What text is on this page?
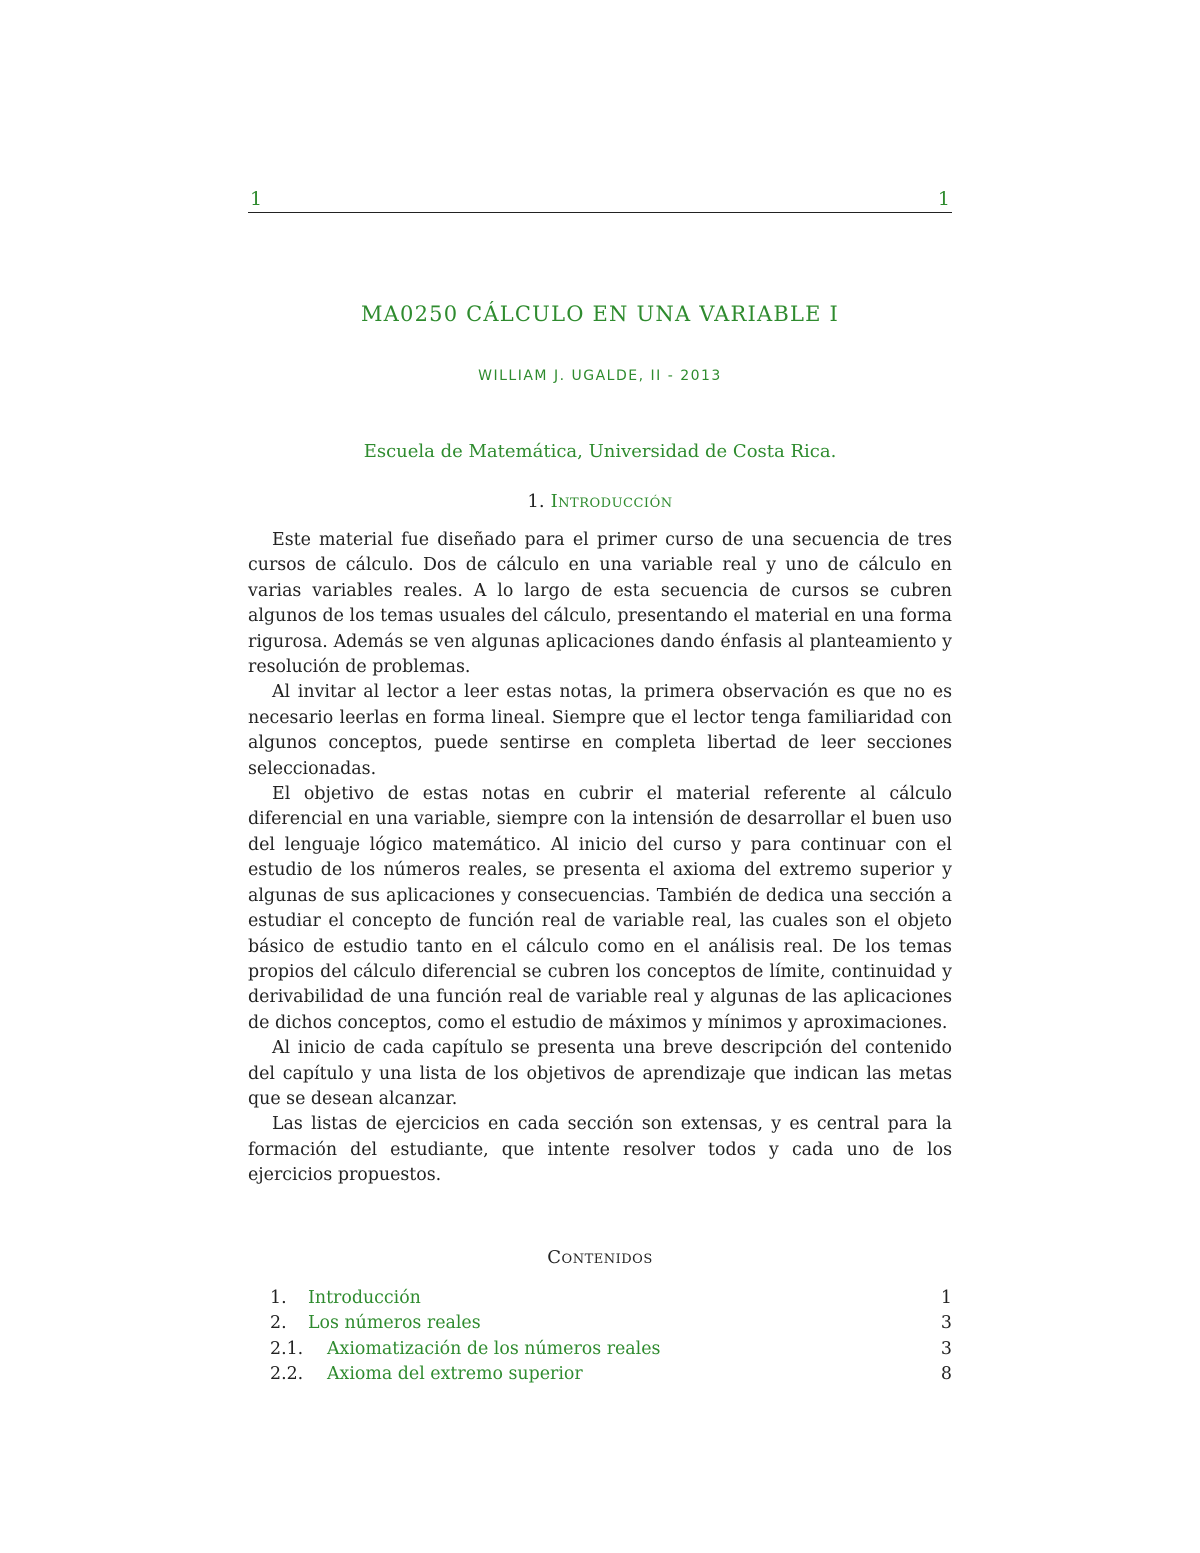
1	1
MA0250 CÁLCULO EN UNA VARIABLE I
WILLIAM J. UGALDE, II - 2013
Escuela de Matemática, Universidad de Costa Rica.
1. Introducción

Este material fue diseñado para el primer curso de una secuencia de tres cursos de cálculo. Dos de cálculo en una variable real y uno de cálculo en varias variables reales. A lo largo de esta secuencia de cursos se cubren algunos de los temas usuales del cálculo, presentando el material en una forma rigurosa. Además se ven algunas aplicaciones dando énfasis al planteamiento y resolución de problemas.

Al invitar al lector a leer estas notas, la primera observación es que no es necesario leerlas en forma lineal. Siempre que el lector tenga familiaridad con algunos conceptos, puede sentirse en completa libertad de leer secciones seleccionadas.

El objetivo de estas notas en cubrir el material referente al cálculo diferencial en una variable, siempre con la intensión de desarrollar el buen uso del lenguaje lógico matemático. Al inicio del curso y para continuar con el estudio de los números reales, se presenta el axioma del extremo superior y algunas de sus aplicaciones y consecuencias. También de dedica una sección a estudiar el concepto de función real de variable real, las cuales son el objeto básico de estudio tanto en el cálculo como en el análisis real. De los temas propios del cálculo diferencial se cubren los conceptos de límite, continuidad y derivabilidad de una función real de variable real y algunas de las aplicaciones de dichos conceptos, como el estudio de máximos y mínimos y aproximaciones.

Al inicio de cada capítulo se presenta una breve descripción del contenido del capítulo y una lista de los objetivos de aprendizaje que indican las metas que se desean alcanzar.

Las listas de ejercicios en cada sección son extensas, y es central para la formación del estudiante, que intente resolver todos y cada uno de los ejercicios propuestos.

Contenidos
1. Introducción	1
2. Los números reales	3
2.1. Axiomatización de los números reales	3
2.2. Axioma del extremo superior	8
